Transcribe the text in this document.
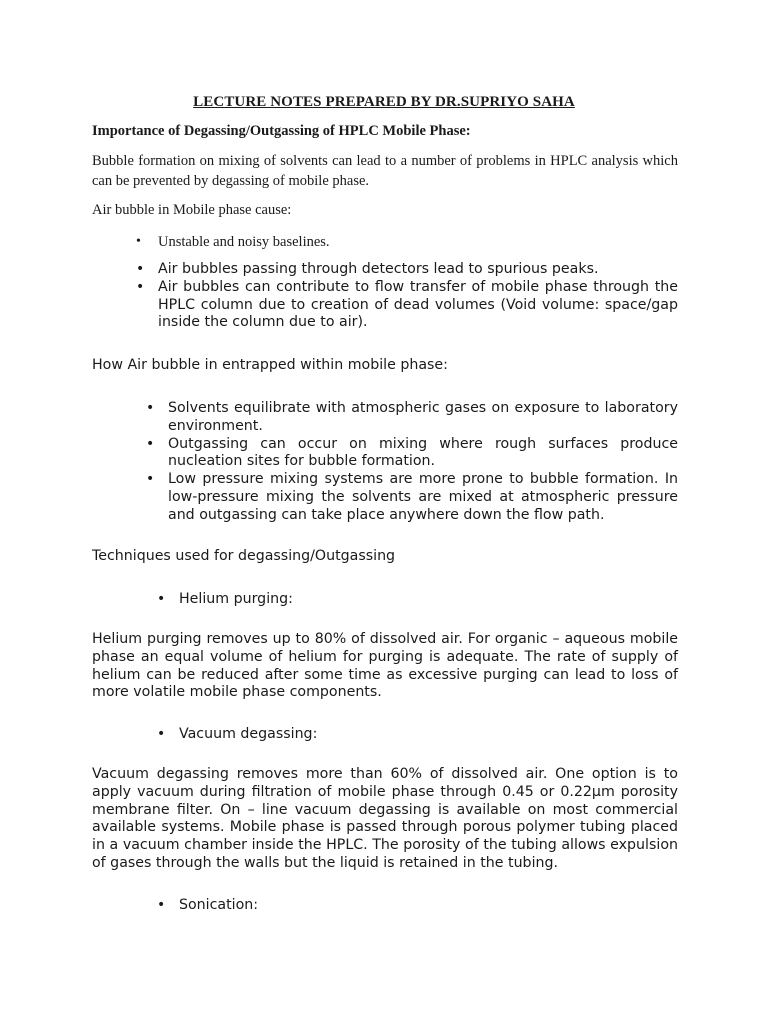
LECTURE NOTES PREPARED BY DR.SUPRIYO SAHA

Importance of Degassing/Outgassing of HPLC Mobile Phase:

Bubble formation on mixing of solvents can lead to a number of problems in HPLC analysis which can be prevented by degassing of mobile phase.

Air bubble in Mobile phase cause:

• Unstable and noisy baselines.
• Air bubbles passing through detectors lead to spurious peaks.
• Air bubbles can contribute to flow transfer of mobile phase through the HPLC column due to creation of dead volumes (Void volume: space/gap inside the column due to air).

How Air bubble in entrapped within mobile phase:

• Solvents equilibrate with atmospheric gases on exposure to laboratory environment.
• Outgassing can occur on mixing where rough surfaces produce nucleation sites for bubble formation.
• Low pressure mixing systems are more prone to bubble formation. In low-pressure mixing the solvents are mixed at atmospheric pressure and outgassing can take place anywhere down the flow path.

Techniques used for degassing/Outgassing

• Helium purging:

Helium purging removes up to 80% of dissolved air. For organic – aqueous mobile phase an equal volume of helium for purging is adequate. The rate of supply of helium can be reduced after some time as excessive purging can lead to loss of more volatile mobile phase components.

• Vacuum degassing:

Vacuum degassing removes more than 60% of dissolved air. One option is to apply vacuum during filtration of mobile phase through 0.45 or 0.22µm porosity membrane filter. On – line vacuum degassing is available on most commercial available systems. Mobile phase is passed through porous polymer tubing placed in a vacuum chamber inside the HPLC. The porosity of the tubing allows expulsion of gases through the walls but the liquid is retained in the tubing.

• Sonication:
